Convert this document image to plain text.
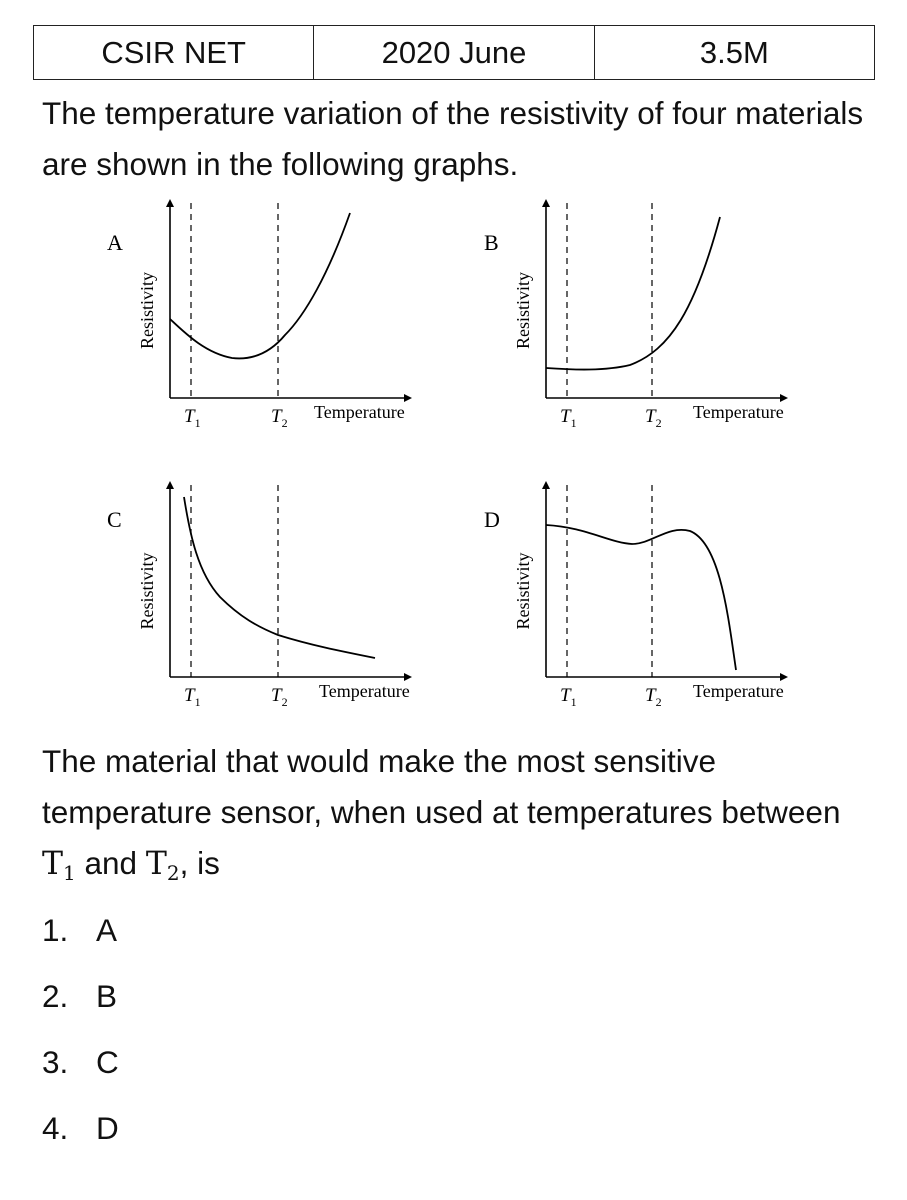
CSIR NET	2020 June	3.5M

The temperature variation of the resistivity of four materials are shown in the following graphs.

A
Resistivity
Temperature
$T_1$	$T_2$
B
Resistivity
Temperature
$T_1$	$T_2$
C
Resistivity
Temperature
$T_1$	$T_2$
D
Resistivity
Temperature
$T_1$	$T_2$

The material that would make the most sensitive temperature sensor, when used at temperatures between T1 and T2, is

1. A
2. B
3. C
4. D
